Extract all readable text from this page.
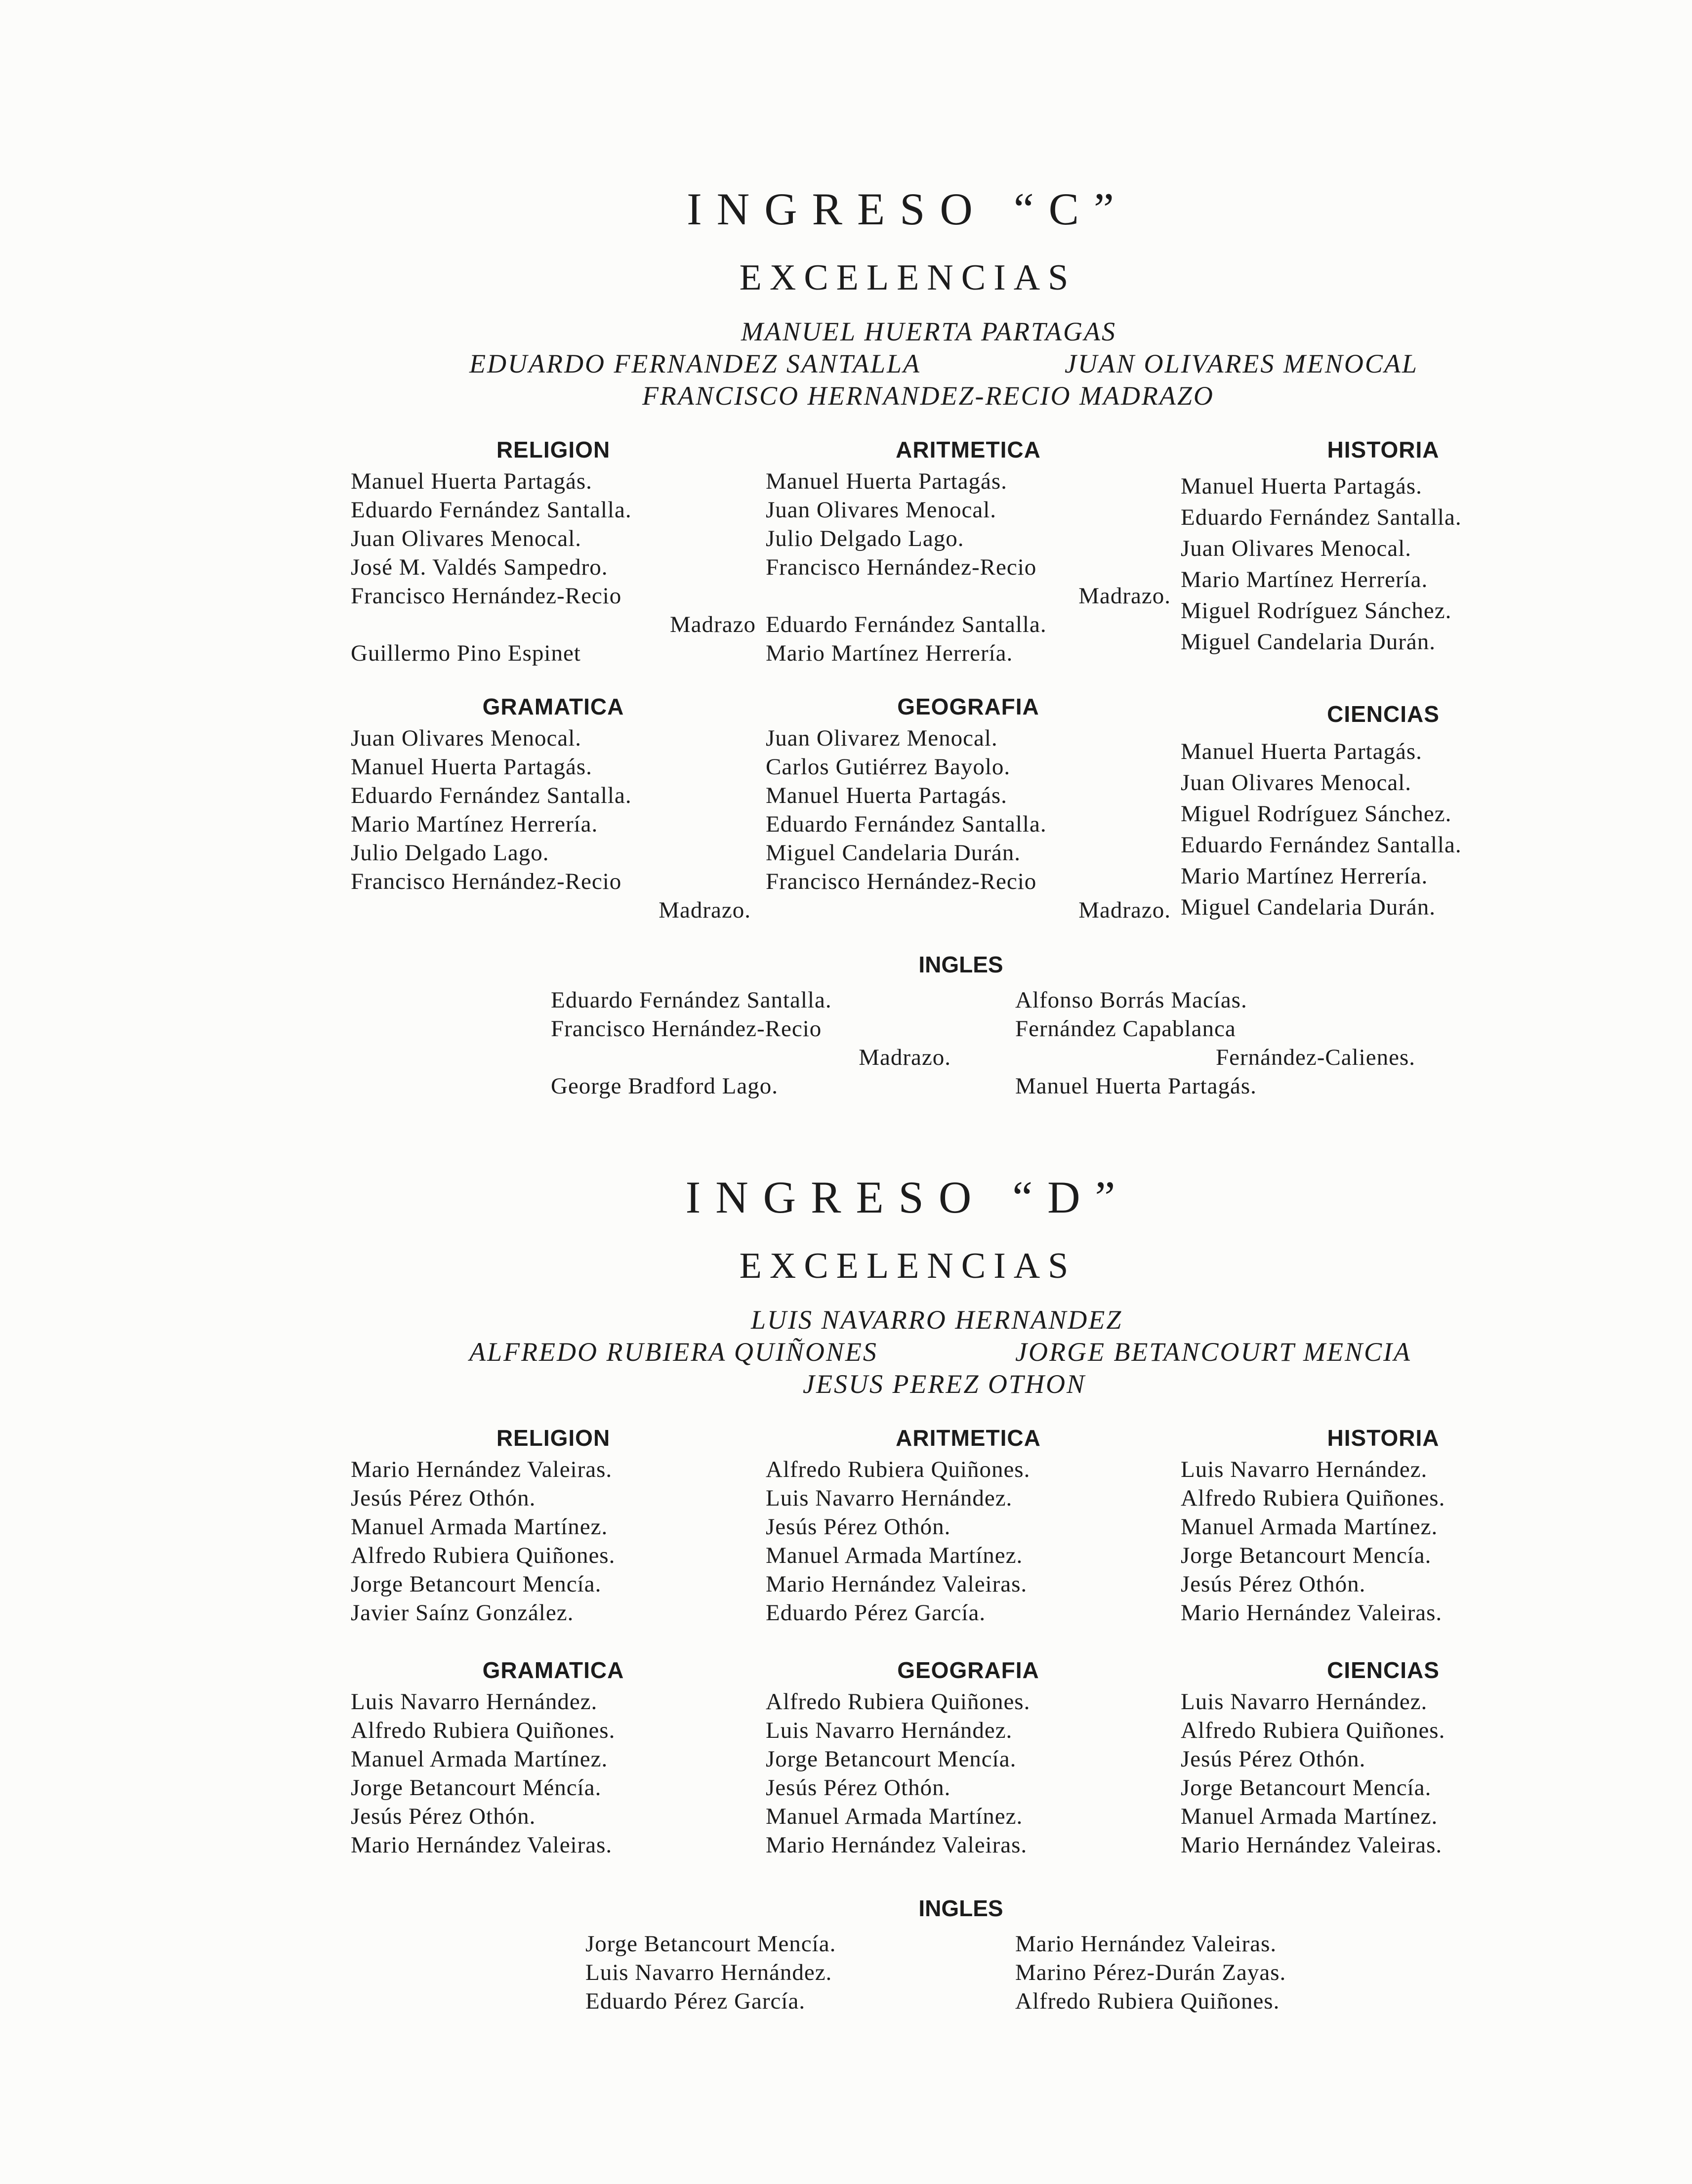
INGRESO “C”
EXCELENCIAS
MANUEL HUERTA PARTAGAS
EDUARDO FERNANDEZ SANTALLA	JUAN OLIVARES MENOCAL
FRANCISCO HERNANDEZ-RECIO MADRAZO
RELIGION
Manuel Huerta Partagás.
Eduardo Fernández Santalla.
Juan Olivares Menocal.
José M. Valdés Sampedro.
Francisco Hernández-Recio
Madrazo
Guillermo Pino Espinet
ARITMETICA
Manuel Huerta Partagás.
Juan Olivares Menocal.
Julio Delgado Lago.
Francisco Hernández-Recio
Madrazo.
Eduardo Fernández Santalla.
Mario Martínez Herrería.
HISTORIA
Manuel Huerta Partagás.
Eduardo Fernández Santalla.
Juan Olivares Menocal.
Mario Martínez Herrería.
Miguel Rodríguez Sánchez.
Miguel Candelaria Durán.
GRAMATICA
Juan Olivares Menocal.
Manuel Huerta Partagás.
Eduardo Fernández Santalla.
Mario Martínez Herrería.
Julio Delgado Lago.
Francisco Hernández-Recio
Madrazo.
GEOGRAFIA
Juan Olivarez Menocal.
Carlos Gutiérrez Bayolo.
Manuel Huerta Partagás.
Eduardo Fernández Santalla.
Miguel Candelaria Durán.
Francisco Hernández-Recio
Madrazo.
CIENCIAS
Manuel Huerta Partagás.
Juan Olivares Menocal.
Miguel Rodríguez Sánchez.
Eduardo Fernández Santalla.
Mario Martínez Herrería.
Miguel Candelaria Durán.
INGLES
Eduardo Fernández Santalla.
Francisco Hernández-Recio
Madrazo.
George Bradford Lago.
Alfonso Borrás Macías.
Fernández Capablanca
Fernández-Calienes.
Manuel Huerta Partagás.
INGRESO “D”
EXCELENCIAS
LUIS NAVARRO HERNANDEZ
ALFREDO RUBIERA QUIÑONES	JORGE BETANCOURT MENCIA
JESUS PEREZ OTHON
RELIGION
Mario Hernández Valeiras.
Jesús Pérez Othón.
Manuel Armada Martínez.
Alfredo Rubiera Quiñones.
Jorge Betancourt Mencía.
Javier Saínz González.
ARITMETICA
Alfredo Rubiera Quiñones.
Luis Navarro Hernández.
Jesús Pérez Othón.
Manuel Armada Martínez.
Mario Hernández Valeiras.
Eduardo Pérez García.
HISTORIA
Luis Navarro Hernández.
Alfredo Rubiera Quiñones.
Manuel Armada Martínez.
Jorge Betancourt Mencía.
Jesús Pérez Othón.
Mario Hernández Valeiras.
GRAMATICA
Luis Navarro Hernández.
Alfredo Rubiera Quiñones.
Manuel Armada Martínez.
Jorge Betancourt Méncía.
Jesús Pérez Othón.
Mario Hernández Valeiras.
GEOGRAFIA
Alfredo Rubiera Quiñones.
Luis Navarro Hernández.
Jorge Betancourt Mencía.
Jesús Pérez Othón.
Manuel Armada Martínez.
Mario Hernández Valeiras.
CIENCIAS
Luis Navarro Hernández.
Alfredo Rubiera Quiñones.
Jesús Pérez Othón.
Jorge Betancourt Mencía.
Manuel Armada Martínez.
Mario Hernández Valeiras.
INGLES
Jorge Betancourt Mencía.
Luis Navarro Hernández.
Eduardo Pérez García.
Mario Hernández Valeiras.
Marino Pérez-Durán Zayas.
Alfredo Rubiera Quiñones.
